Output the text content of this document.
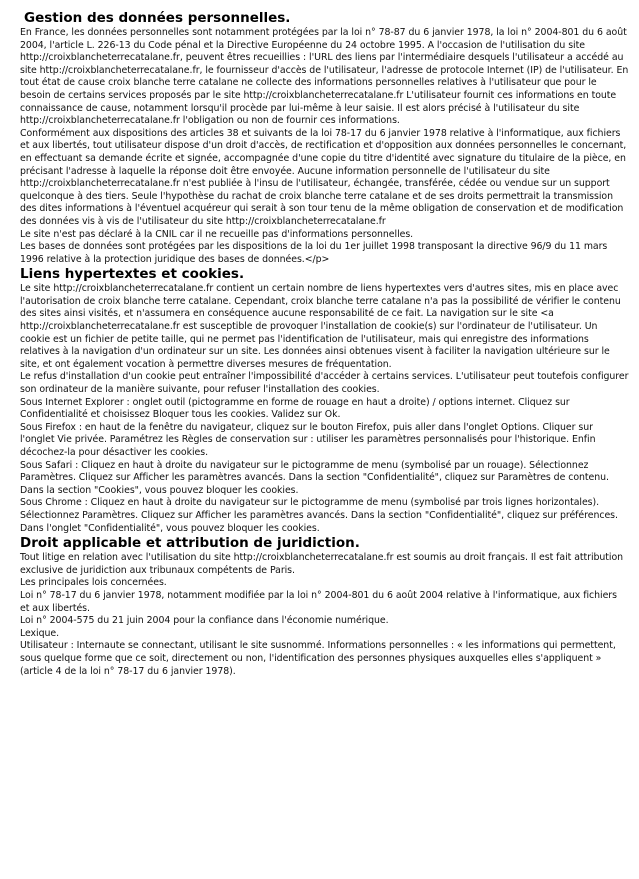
Gestion des données personnelles.

En France, les données personnelles sont notamment protégées par la loi n° 78-87 du 6 janvier 1978, la loi n° 2004-801 du 6 août 2004, l'article L. 226-13 du Code pénal et la Directive Européenne du 24 octobre 1995. A l'occasion de l'utilisation du site http://croixblancheterrecatalane.fr, peuvent êtres recueillies : l'URL des liens par l'intermédiaire desquels l'utilisateur a accédé au site http://croixblancheterrecatalane.fr, le fournisseur d'accès de l'utilisateur, l'adresse de protocole Internet (IP) de l'utilisateur. En tout état de cause croix blanche terre catalane ne collecte des informations personnelles relatives à l'utilisateur que pour le besoin de certains services proposés par le site http://croixblancheterrecatalane.fr L'utilisateur fournit ces informations en toute connaissance de cause, notamment lorsqu'il procède par lui-même à leur saisie. Il est alors précisé à l'utilisateur du site http://croixblancheterrecatalane.fr l'obligation ou non de fournir ces informations.

Conformément aux dispositions des articles 38 et suivants de la loi 78-17 du 6 janvier 1978 relative à l'informatique, aux fichiers et aux libertés, tout utilisateur dispose d'un droit d'accès, de rectification et d'opposition aux données personnelles le concernant, en effectuant sa demande écrite et signée, accompagnée d'une copie du titre d'identité avec signature du titulaire de la pièce, en précisant l'adresse à laquelle la réponse doit être envoyée. Aucune information personnelle de l'utilisateur du site http://croixblancheterrecatalane.fr n'est publiée à l'insu de l'utilisateur, échangée, transférée, cédée ou vendue sur un support quelconque à des tiers. Seule l'hypothèse du rachat de croix blanche terre catalane et de ses droits permettrait la transmission des dites informations à l'éventuel acquéreur qui serait à son tour tenu de la même obligation de conservation et de modification des données vis à vis de l'utilisateur du site http://croixblancheterrecatalane.fr

Le site n'est pas déclaré à la CNIL car il ne recueille pas d'informations personnelles.

Les bases de données sont protégées par les dispositions de la loi du 1er juillet 1998 transposant la directive 96/9 du 11 mars 1996 relative à la protection juridique des bases de données.</p>

Liens hypertextes et cookies.

Le site http://croixblancheterrecatalane.fr contient un certain nombre de liens hypertextes vers d'autres sites, mis en place avec l'autorisation de croix blanche terre catalane. Cependant, croix blanche terre catalane n'a pas la possibilité de vérifier le contenu des sites ainsi visités, et n'assumera en conséquence aucune responsabilité de ce fait. La navigation sur le site <a http://croixblancheterrecatalane.fr est susceptible de provoquer l'installation de cookie(s) sur l'ordinateur de l'utilisateur. Un cookie est un fichier de petite taille, qui ne permet pas l'identification de l'utilisateur, mais qui enregistre des informations relatives à la navigation d'un ordinateur sur un site. Les données ainsi obtenues visent à faciliter la navigation ultérieure sur le site, et ont également vocation à permettre diverses mesures de fréquentation.

Le refus d'installation d'un cookie peut entraîner l'impossibilité d'accéder à certains services. L'utilisateur peut toutefois configurer son ordinateur de la manière suivante, pour refuser l'installation des cookies.

Sous Internet Explorer : onglet outil (pictogramme en forme de rouage en haut a droite) / options internet. Cliquez sur Confidentialité et choisissez Bloquer tous les cookies. Validez sur Ok.

Sous Firefox : en haut de la fenêtre du navigateur, cliquez sur le bouton Firefox, puis aller dans l'onglet Options. Cliquer sur l'onglet Vie privée. Paramétrez les Règles de conservation sur : utiliser les paramètres personnalisés pour l'historique. Enfin décochez-la pour désactiver les cookies.

Sous Safari : Cliquez en haut à droite du navigateur sur le pictogramme de menu (symbolisé par un rouage). Sélectionnez Paramètres. Cliquez sur Afficher les paramètres avancés. Dans la section "Confidentialité", cliquez sur Paramètres de contenu. Dans la section "Cookies", vous pouvez bloquer les cookies.

Sous Chrome : Cliquez en haut à droite du navigateur sur le pictogramme de menu (symbolisé par trois lignes horizontales). Sélectionnez Paramètres. Cliquez sur Afficher les paramètres avancés. Dans la section "Confidentialité", cliquez sur préférences. Dans l'onglet "Confidentialité", vous pouvez bloquer les cookies.

Droit applicable et attribution de juridiction.

Tout litige en relation avec l'utilisation du site http://croixblancheterrecatalane.fr est soumis au droit français. Il est fait attribution exclusive de juridiction aux tribunaux compétents de Paris.

Les principales lois concernées.

Loi n° 78-17 du 6 janvier 1978, notamment modifiée par la loi n° 2004-801 du 6 août 2004 relative à l'informatique, aux fichiers et aux libertés.

Loi n° 2004-575 du 21 juin 2004 pour la confiance dans l'économie numérique.

Lexique.

Utilisateur : Internaute se connectant, utilisant le site susnommé. Informations personnelles : « les informations qui permettent, sous quelque forme que ce soit, directement ou non, l'identification des personnes physiques auxquelles elles s'appliquent » (article 4 de la loi n° 78-17 du 6 janvier 1978).
